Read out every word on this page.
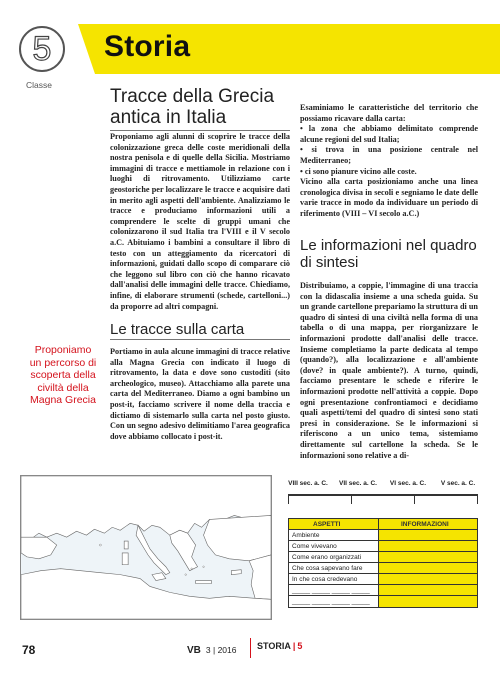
Storia
5
Classe
Tracce della Grecia antica in Italia

Proponiamo agli alunni di scoprire le tracce della colonizzazione greca delle coste meridionali della nostra penisola e di quelle della Sicilia. Mostriamo immagini di tracce e mettiamole in relazione con i luoghi di ritrovamento. Utilizziamo carte geostoriche per localizzare le tracce e acquisire dati in merito agli aspetti dell'ambiente. Analizziamo le tracce e produciamo informazioni utili a comprendere le scelte di gruppi umani che colonizzarono il sud Italia tra l'VIII e il V secolo a.C. Abituiamo i bambini a consultare il libro di testo con un atteggiamento da ricercatori di informazioni, guidati dallo scopo di comparare ciò che leggono sul libro con ciò che hanno ricavato dall'analisi delle immagini delle tracce. Chiediamo, infine, di elaborare strumenti (schede, cartelloni...) da proporre ad altri compagni.

Le tracce sulla carta

Portiamo in aula alcune immagini di tracce relative alla Magna Grecia con indicato il luogo di ritrovamento, la data e dove sono custoditi (sito archeologico, museo). Attacchiamo alla parete una carta del Mediterraneo. Diamo a ogni bambino un post-it, facciamo scrivere il nome della traccia e dictiamo di sistemarlo sulla carta nel posto giusto. Con un segno adesivo delimitiamo l'area geografica dove abbiamo collocato i post-it.

Proponiamo un percorso di scoperta della civiltà della Magna Grecia

Esaminiamo le caratteristiche del territorio che possiamo ricavare dalla carta:

• la zona che abbiamo delimitato comprende alcune regioni del sud Italia;

• si trova in una posizione centrale nel Mediterraneo;

• ci sono pianure vicino alle coste.

Vicino alla carta posizioniamo anche una linea cronologica divisa in secoli e segniamo le date delle varie tracce in modo da individuare un periodo di riferimento (VIII – VI secolo a.C.)

Le informazioni nel quadro di sintesi

Distribuiamo, a coppie, l'immagine di una traccia con la didascalia insieme a una scheda guida. Su un grande cartellone prepariamo la struttura di un quadro di sintesi di una civiltà nella forma di una tabella o di una mappa, per riorganizzare le informazioni prodotte dall'analisi delle tracce. Insieme completiamo la parte dedicata al tempo (quando?), alla localizzazione e all'ambiente (dove? in quale ambiente?). A turno, quindi, facciamo presentare le schede e riferire le informazioni prodotte nell'attività a coppie. Dopo ogni presentazione confrontiamoci e decidiamo quali aspetti/temi del quadro di sintesi sono stati presi in considerazione. Se le informazioni si riferiscono a un unico tema, sistemiamo direttamente sul cartellone la scheda. Se le informazioni sono relative a di-

VIII sec. a. C. VII sec. a. C. VI sec. a. C.	V sec. a. C.
ASPETTI	INFORMAZIONI
Ambiente
Come vivevano
Come erano organizzati
Che cosa sapevano fare
In che cosa credevano
_____ _____ _____ _____
_____ _____ _____ _____
78	VB 3 | 2016	STORIA | 5
